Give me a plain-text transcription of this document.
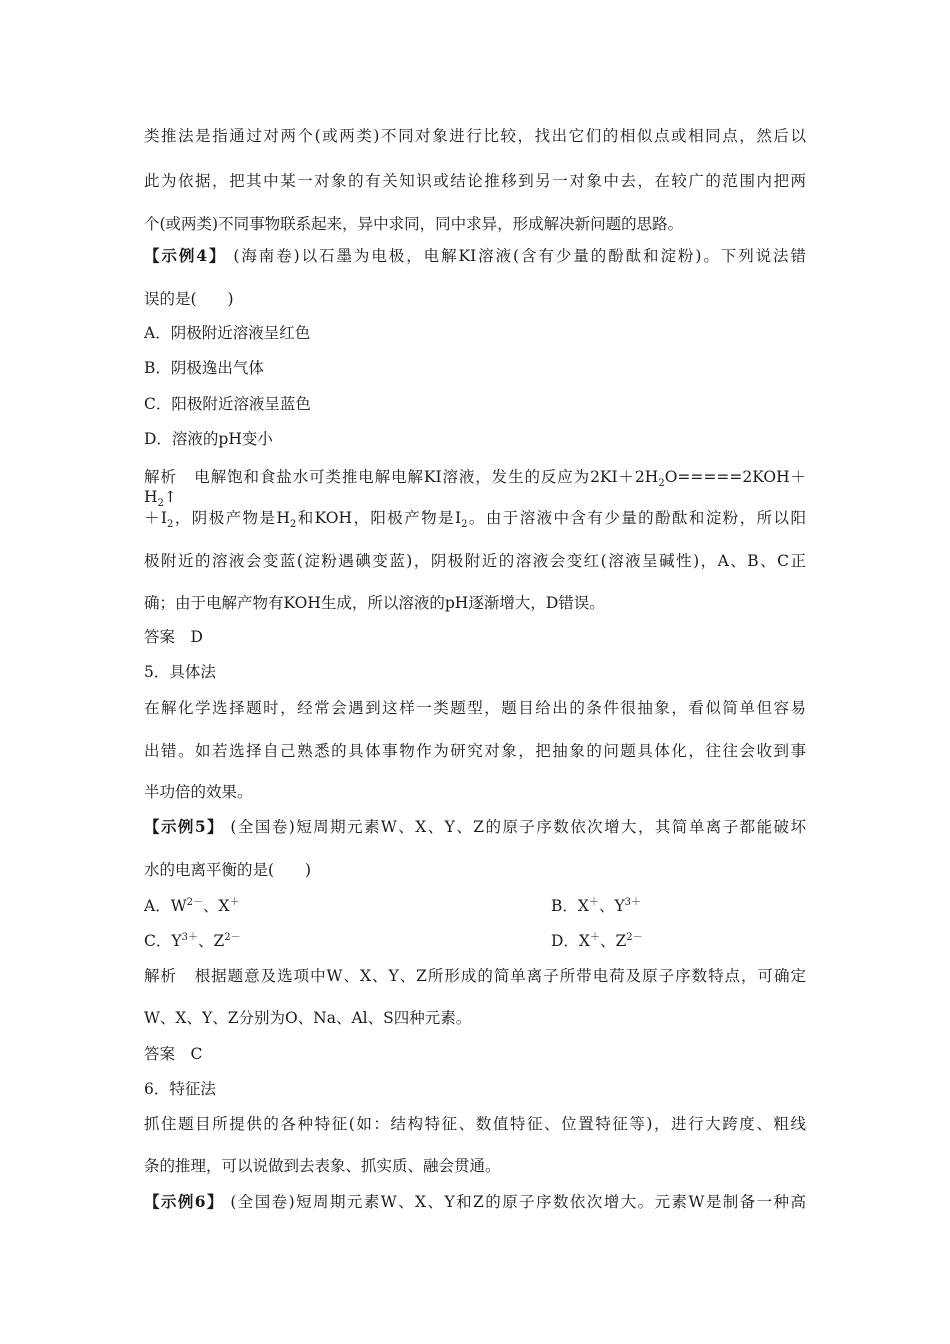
类推法是指通过对两个(或两类)不同对象进行比较，找出它们的相似点或相同点，然后以
此为依据，把其中某一对象的有关知识或结论推移到另一对象中去，在较广的范围内把两
个(或两类)不同事物联系起来，异中求同，同中求异，形成解决新问题的思路。
【示例4】 (海南卷)以石墨为电极，电解KI溶液(含有少量的酚酞和淀粉)。下列说法错
误的是(　　)
A．阴极附近溶液呈红色
B．阴极逸出气体
C．阳极附近溶液呈蓝色
D．溶液的pH变小
解析 电解饱和食盐水可类推电解电解KI溶液，发生的反应为$2KI+2H_2O=====2KOH+H_2↑$
$+I_2$，阴极产物是$H_2$和KOH，阳极产物是$I_2$。由于溶液中含有少量的酚酞和淀粉，所以阳
极附近的溶液会变蓝(淀粉遇碘变蓝)，阴极附近的溶液会变红(溶液呈碱性)，A、B、C正
确；由于电解产物有KOH生成，所以溶液的pH逐渐增大，D错误。
答案　D
5．具体法
在解化学选择题时，经常会遇到这样一类题型，题目给出的条件很抽象，看似简单但容易
出错。如若选择自己熟悉的具体事物作为研究对象，把抽象的问题具体化，往往会收到事
半功倍的效果。
【示例5】 (全国卷)短周期元素W、X、Y、Z的原子序数依次增大，其简单离子都能破坏
水的电离平衡的是(　　)
A．$W^{2-}$、X＋	B．X＋、$Y^{3+}$
C．$Y^{3+}$、$Z^{2-}$	D．X＋、$Z^{2-}$
解析 根据题意及选项中W、X、Y、Z所形成的简单离子所带电荷及原子序数特点，可确定
W、X、Y、Z分别为O、Na、Al、S四种元素。
答案　C
6．特征法
抓住题目所提供的各种特征(如：结构特征、数值特征、位置特征等)，进行大跨度、粗线
条的推理，可以说做到去表象、抓实质、融会贯通。
【示例6】 (全国卷)短周期元素W、X、Y和Z的原子序数依次增大。元素W是制备一种高
